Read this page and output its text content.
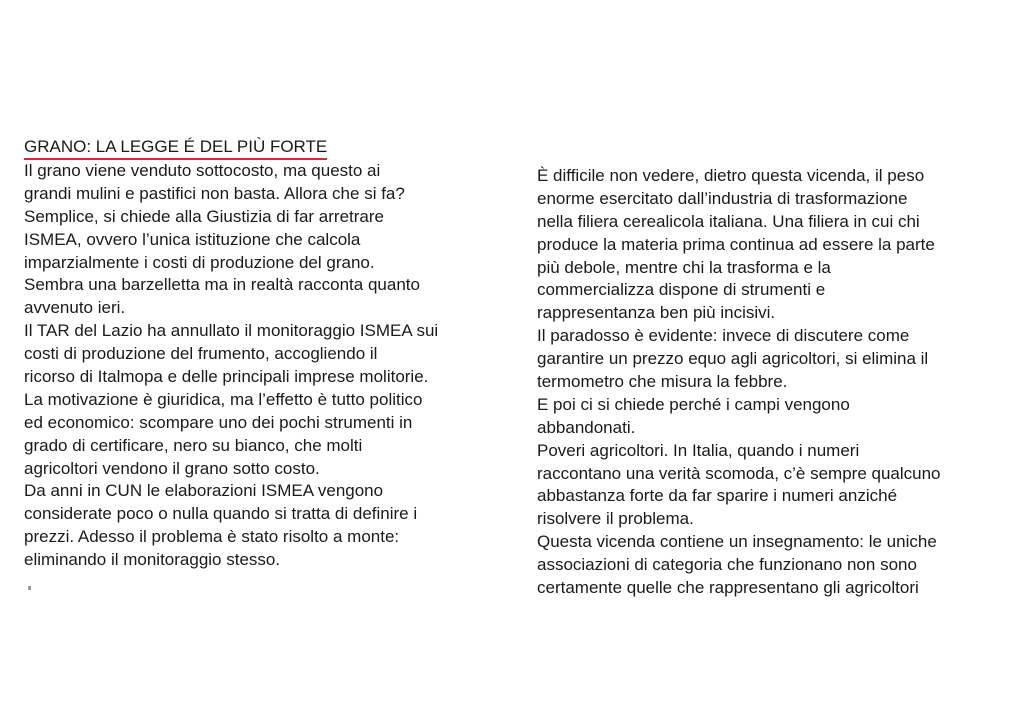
GRANO: LA LEGGE É DEL PIÙ FORTE
Il grano viene venduto sottocosto, ma questo ai
grandi mulini e pastifici non basta. Allora che si fa?
Semplice, si chiede alla Giustizia di far arretrare
ISMEA, ovvero l’unica istituzione che calcola
imparzialmente i costi di produzione del grano.
Sembra una barzelletta ma in realtà racconta quanto
avvenuto ieri.
Il TAR del Lazio ha annullato il monitoraggio ISMEA sui
costi di produzione del frumento, accogliendo il
ricorso di Italmopa e delle principali imprese molitorie.
La motivazione è giuridica, ma l’effetto è tutto politico
ed economico: scompare uno dei pochi strumenti in
grado di certificare, nero su bianco, che molti
agricoltori vendono il grano sotto costo.
Da anni in CUN le elaborazioni ISMEA vengono
considerate poco o nulla quando si tratta di definire i
prezzi. Adesso il problema è stato risolto a monte:
eliminando il monitoraggio stesso.
È difficile non vedere, dietro questa vicenda, il peso
enorme esercitato dall’industria di trasformazione
nella filiera cerealicola italiana. Una filiera in cui chi
produce la materia prima continua ad essere la parte
più debole, mentre chi la trasforma e la
commercializza dispone di strumenti e
rappresentanza ben più incisivi.
Il paradosso è evidente: invece di discutere come
garantire un prezzo equo agli agricoltori, si elimina il
termometro che misura la febbre.
E poi ci si chiede perché i campi vengono
abbandonati.
Poveri agricoltori. In Italia, quando i numeri
raccontano una verità scomoda, c’è sempre qualcuno
abbastanza forte da far sparire i numeri anziché
risolvere il problema.
Questa vicenda contiene un insegnamento: le uniche
associazioni di categoria che funzionano non sono
certamente quelle che rappresentano gli agricoltori
